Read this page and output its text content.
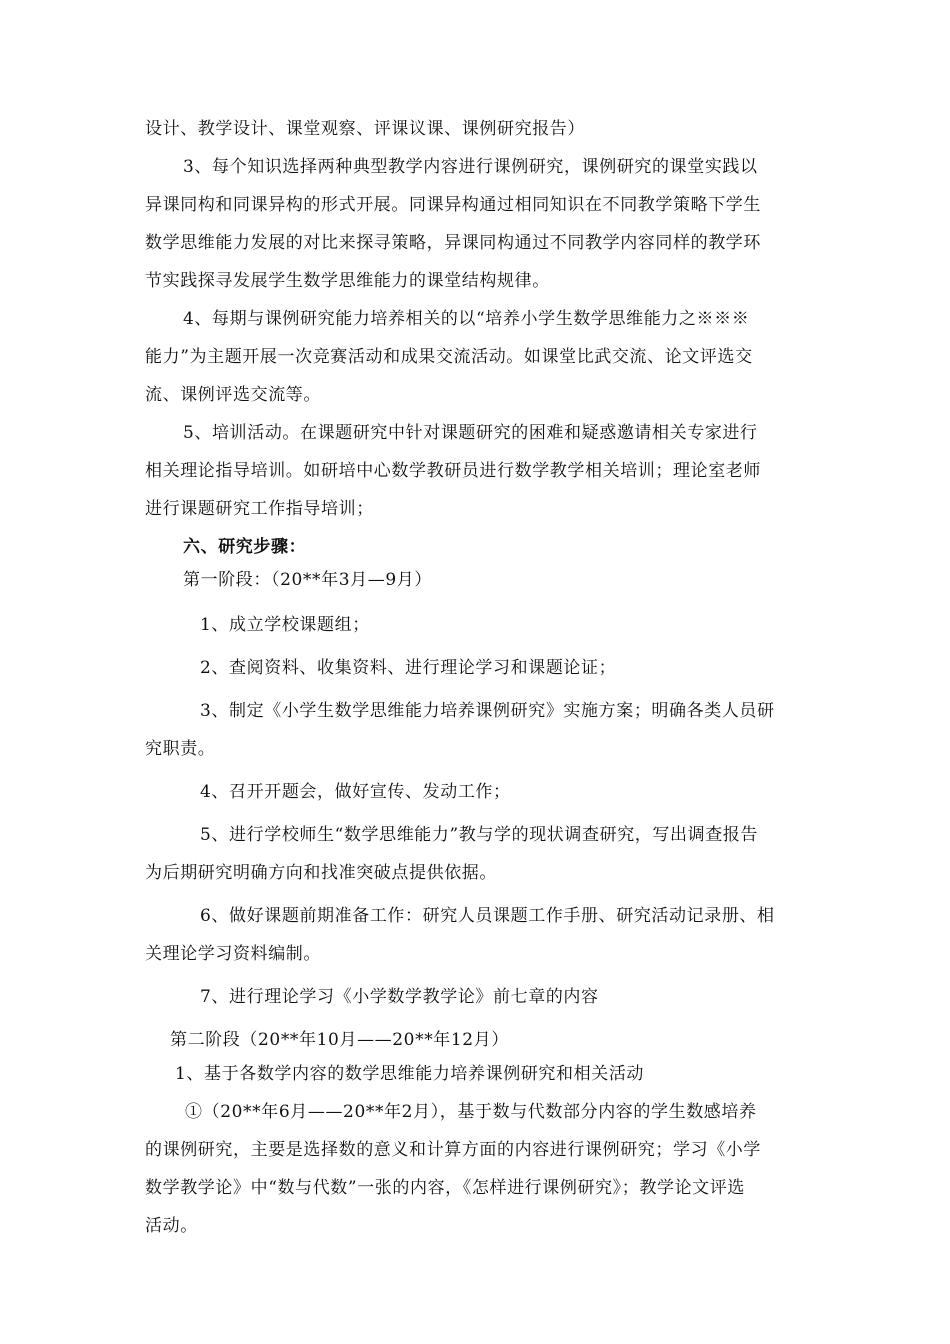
设计、教学设计、课堂观察、评课议课、课例研究报告）
3、每个知识选择两种典型教学内容进行课例研究，课例研究的课堂实践以
异课同构和同课异构的形式开展。同课异构通过相同知识在不同教学策略下学生
数学思维能力发展的对比来探寻策略，异课同构通过不同教学内容同样的教学环
节实践探寻发展学生数学思维能力的课堂结构规律。
4、每期与课例研究能力培养相关的以“培养小学生数学思维能力之※※※
能力”为主题开展一次竞赛活动和成果交流活动。如课堂比武交流、论文评选交
流、课例评选交流等。
5、培训活动。在课题研究中针对课题研究的困难和疑惑邀请相关专家进行
相关理论指导培训。如研培中心数学教研员进行数学教学相关培训；理论室老师
进行课题研究工作指导培训；
六、研究步骤：
第一阶段：（20**年3月—9月）
1、成立学校课题组；
2、查阅资料、收集资料、进行理论学习和课题论证；
3、制定《小学生数学思维能力培养课例研究》实施方案；明确各类人员研
究职责。
4、召开开题会，做好宣传、发动工作；
5、进行学校师生“数学思维能力”教与学的现状调查研究，写出调查报告
为后期研究明确方向和找准突破点提供依据。
6、做好课题前期准备工作：研究人员课题工作手册、研究活动记录册、相
关理论学习资料编制。
7、进行理论学习《小学数学教学论》前七章的内容
第二阶段（20**年10月——20**年12月）
1、基于各数学内容的数学思维能力培养课例研究和相关活动
①（20**年6月——20**年2月），基于数与代数部分内容的学生数感培养
的课例研究，主要是选择数的意义和计算方面的内容进行课例研究；学习《小学
数学教学论》中“数与代数”一张的内容，《怎样进行课例研究》；教学论文评选
活动。
